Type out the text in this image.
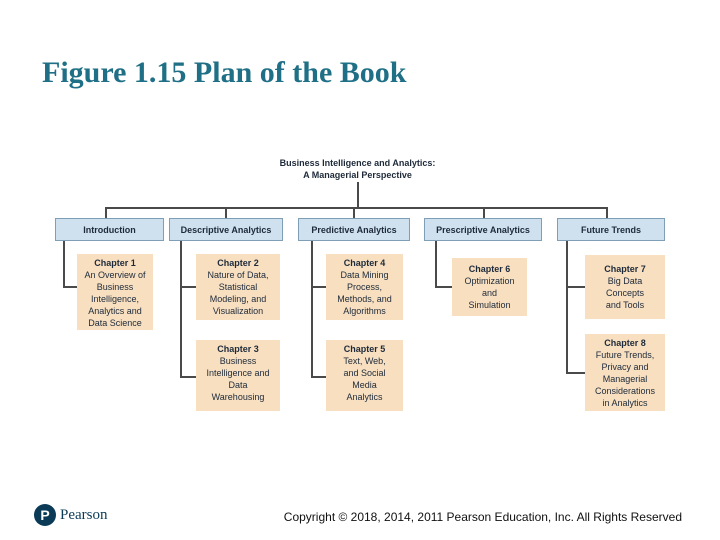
Figure 1.15 Plan of the Book
Business Intelligence and Analytics:
A Managerial Perspective
Introduction	Descriptive Analytics	Predictive Analytics	Prescriptive Analytics	Future Trends
Chapter 1
An Overview of
Business
Intelligence,
Analytics and
Data Science
Chapter 2
Nature of Data,
Statistical
Modeling, and
Visualization
Chapter 3
Business
Intelligence and
Data
Warehousing
Chapter 4
Data Mining
Process,
Methods, and
Algorithms
Chapter 5
Text, Web,
and Social
Media
Analytics
Chapter 6
Optimization
and
Simulation
Chapter 7
Big Data
Concepts
and Tools
Chapter 8
Future Trends,
Privacy and
Managerial
Considerations
in Analytics
P Pearson	Copyright © 2018, 2014, 2011 Pearson Education, Inc. All Rights Reserved
